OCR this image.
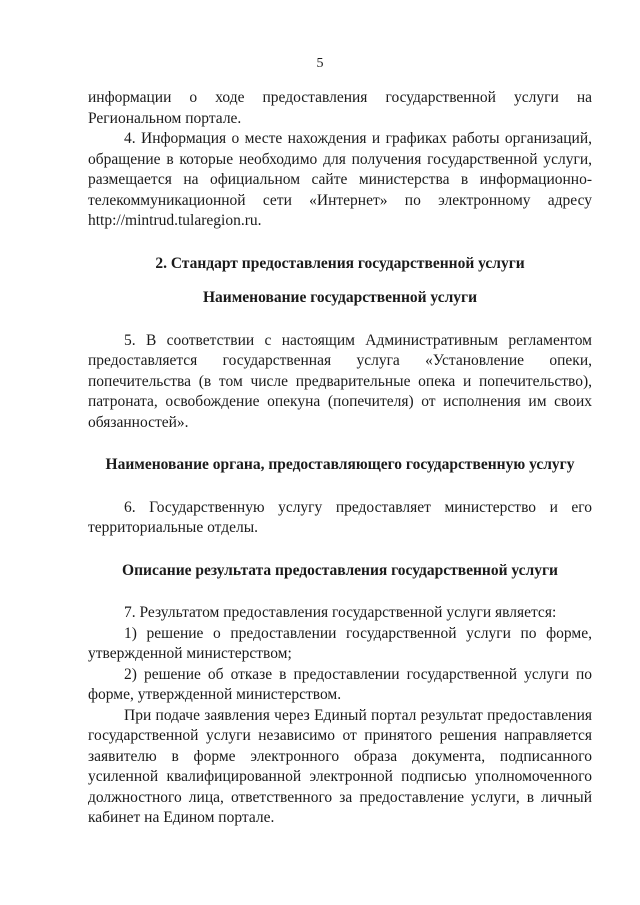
5

информации о ходе предоставления государственной услуги на Региональном портале.

4. Информация о месте нахождения и графиках работы организаций, обращение в которые необходимо для получения государственной услуги, размещается на официальном сайте министерства в информационно-телекоммуникационной сети «Интернет» по электронному адресу http://mintrud.tularegion.ru.

2. Стандарт предоставления государственной услуги

Наименование государственной услуги

5. В соответствии с настоящим Административным регламентом предоставляется государственная услуга «Установление опеки, попечительства (в том числе предварительные опека и попечительство), патроната, освобождение опекуна (попечителя) от исполнения им своих обязанностей».

Наименование органа, предоставляющего государственную услугу

6. Государственную услугу предоставляет министерство и его территориальные отделы.

Описание результата предоставления государственной услуги

7. Результатом предоставления государственной услуги является:

1) решение о предоставлении государственной услуги по форме, утвержденной министерством;

2) решение об отказе в предоставлении государственной услуги по форме, утвержденной министерством.

При подаче заявления через Единый портал результат предоставления государственной услуги независимо от принятого решения направляется заявителю в форме электронного образа документа, подписанного усиленной квалифицированной электронной подписью уполномоченного должностного лица, ответственного за предоставление услуги, в личный кабинет на Едином портале.
